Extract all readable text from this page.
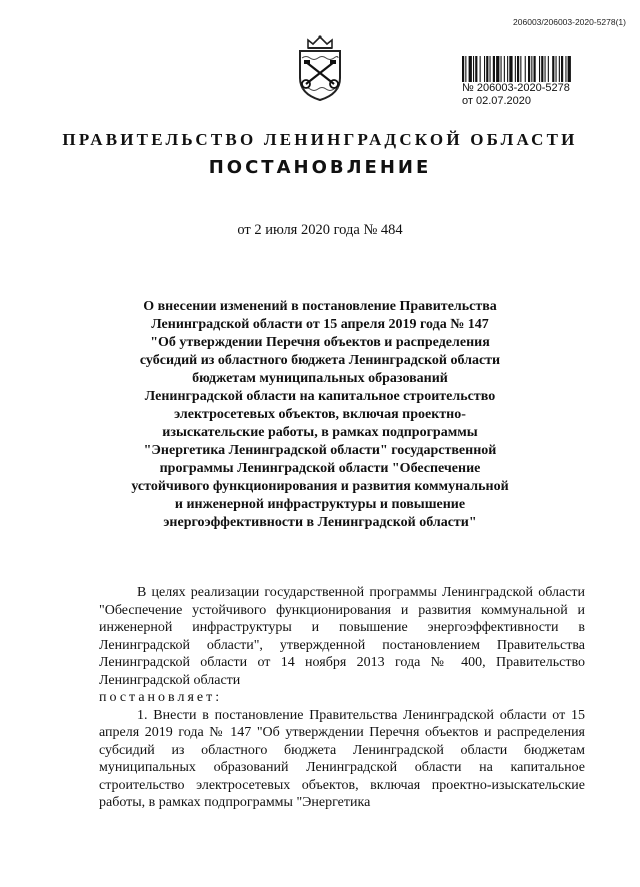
206003/206003-2020-5278(1)
№ 206003-2020-5278
от 02.07.2020
ПРАВИТЕЛЬСТВО ЛЕНИНГРАДСКОЙ ОБЛАСТИ
ПОСТАНОВЛЕНИЕ
от 2 июля 2020 года № 484
О внесении изменений в постановление Правительства
Ленинградской области от 15 апреля 2019 года № 147
"Об утверждении Перечня объектов и распределения
субсидий из областного бюджета Ленинградской области
бюджетам муниципальных образований
Ленинградской области на капитальное строительство
электросетевых объектов, включая проектно-
изыскательские работы, в рамках подпрограммы
"Энергетика Ленинградской области" государственной
программы Ленинградской области "Обеспечение
устойчивого функционирования и развития коммунальной
и инженерной инфраструктуры и повышение
энергоэффективности в Ленинградской области"

В целях реализации государственной программы Ленинградской области "Обеспечение устойчивого функционирования и развития коммунальной и инженерной инфраструктуры и повышение энергоэффективности в Ленинградской области", утвержденной постановлением Правительства Ленинградской области от 14 ноября 2013 года № 400, Правительство Ленинградской области
постановляет:

1. Внести в постановление Правительства Ленинградской области от 15 апреля 2019 года № 147 "Об утверждении Перечня объектов и распределения субсидий из областного бюджета Ленинградской области бюджетам муниципальных образований Ленинградской области на капитальное строительство электросетевых объектов, включая проектно-изыскательские работы, в рамках подпрограммы "Энергетика
